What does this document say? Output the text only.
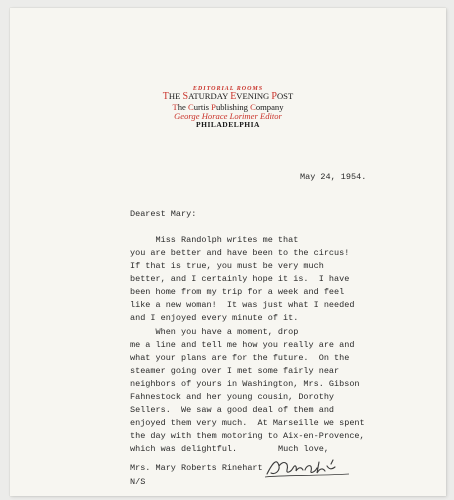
EDITORIAL ROOMS
THE SATURDAY EVENING POST
The Curtis Publishing Company
George Horace Lorimer Editor
PHILADELPHIA
May 24, 1954.
Dearest Mary:
Miss Randolph writes me that
you are better and have been to the circus!
If that is true, you must be very much
better, and I certainly hope it is.  I have
been home from my trip for a week and feel
like a new woman!  It was just what I needed
and I enjoyed every minute of it.
When you have a moment, drop
me a line and tell me how you really are and
what your plans are for the future.  On the
steamer going over I met some fairly near
neighbors of yours in Washington, Mrs. Gibson
Fahnestock and her young cousin, Dorothy
Sellers.  We saw a good deal of them and
enjoyed them very much.  At Marseille we spent
the day with them motoring to Aix-en-Provence,
which was delightful.	Much love,
Mrs. Mary Roberts Rinehart
N/S
